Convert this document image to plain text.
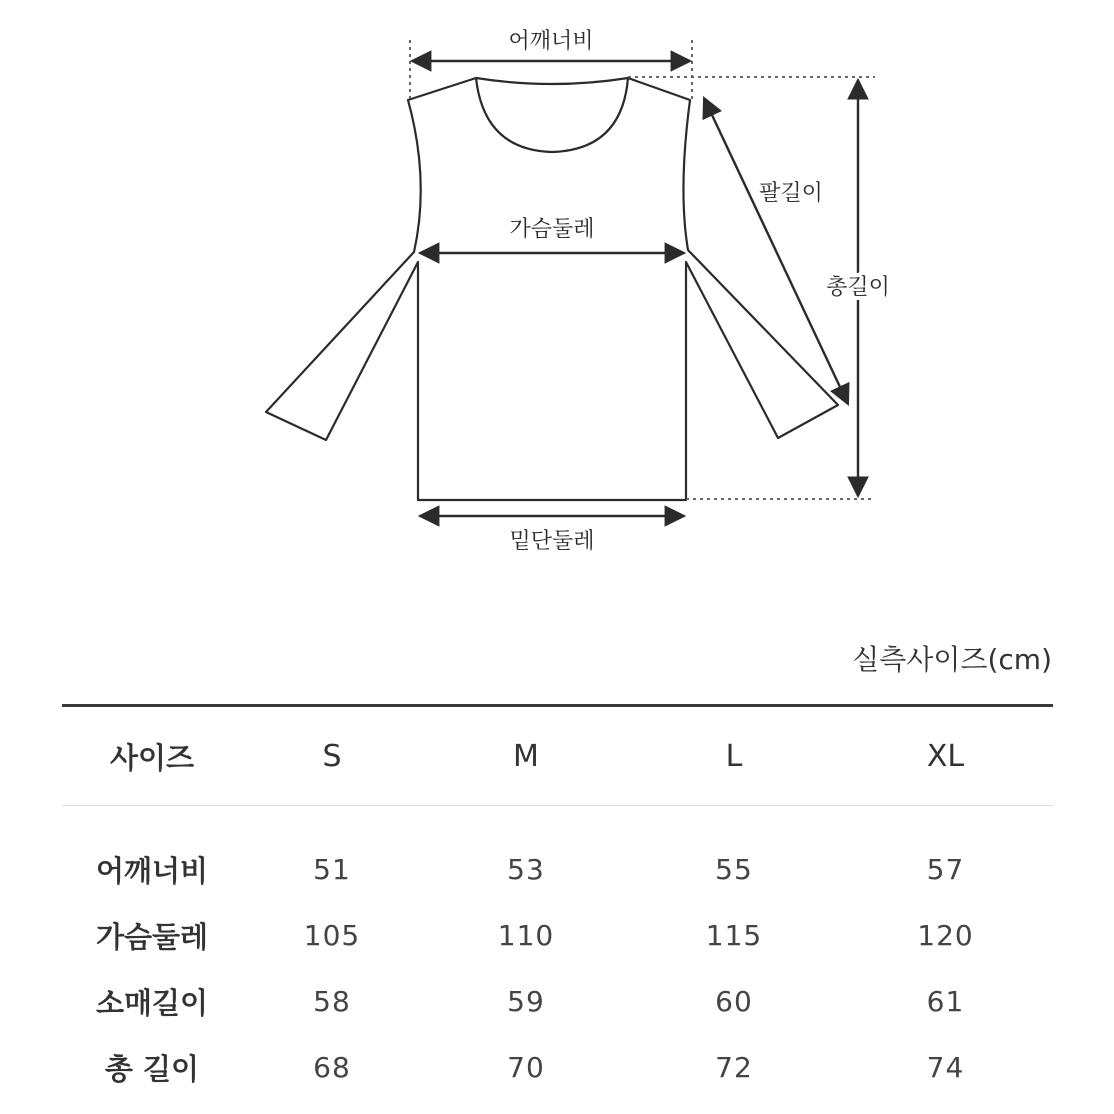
어깨너비
가슴둘레
팔길이
총길이
밑단둘레
실측사이즈(cm)
사이즈	S	M	L	XL
어깨너비	51	53	55	57
가슴둘레	105	110	115	120
소매길이	58	59	60	61
총 길이	68	70	72	74
